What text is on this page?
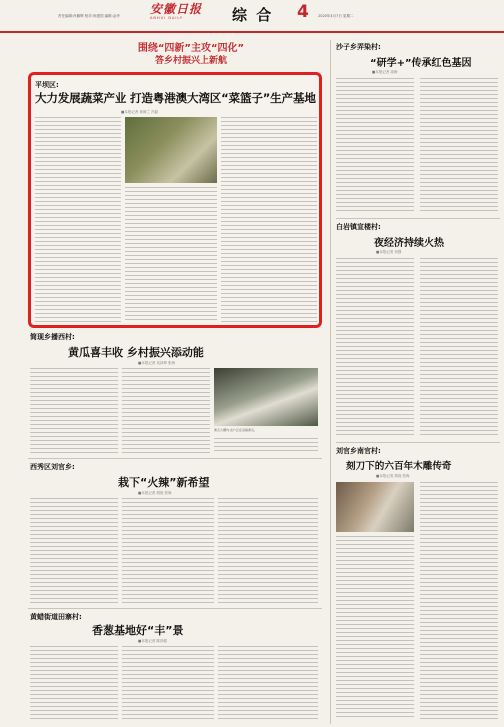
安徽日报
ANHUI DAILY	综 合 4
责任编辑:肖鹏辉 校对:尚建国 编辑:金华	2020年4月7日 星期二
围绕“四新”主攻“四化”
答乡村振兴上新航
平坝区:
大力发展蔬菜产业 打造粤港澳大湾区“菜篮子”生产基地
■本报记者 黄海兰 冯磊
简现乡播西村:
黄瓜喜丰收 乡村振兴添动能
■本报记者 吴泽坤 张海
黄瓜大棚内,农户正在采摘黄瓜。
西秀区刘官乡:
栽下“火辣”新希望
■本报记者 胡庭 张海
黄蜡街道田寨村:
香葱基地好“丰”景
■本报记者 陈泽强
沙子乡弄染村:
“研学+”传承红色基因
■本报记者 周海
白岩镇宣楼村:
夜经济持续火热
■本报记者 刘强
刘官乡南官村:
刻刀下的六百年木雕传奇
■本报记者 胡庭 张海
